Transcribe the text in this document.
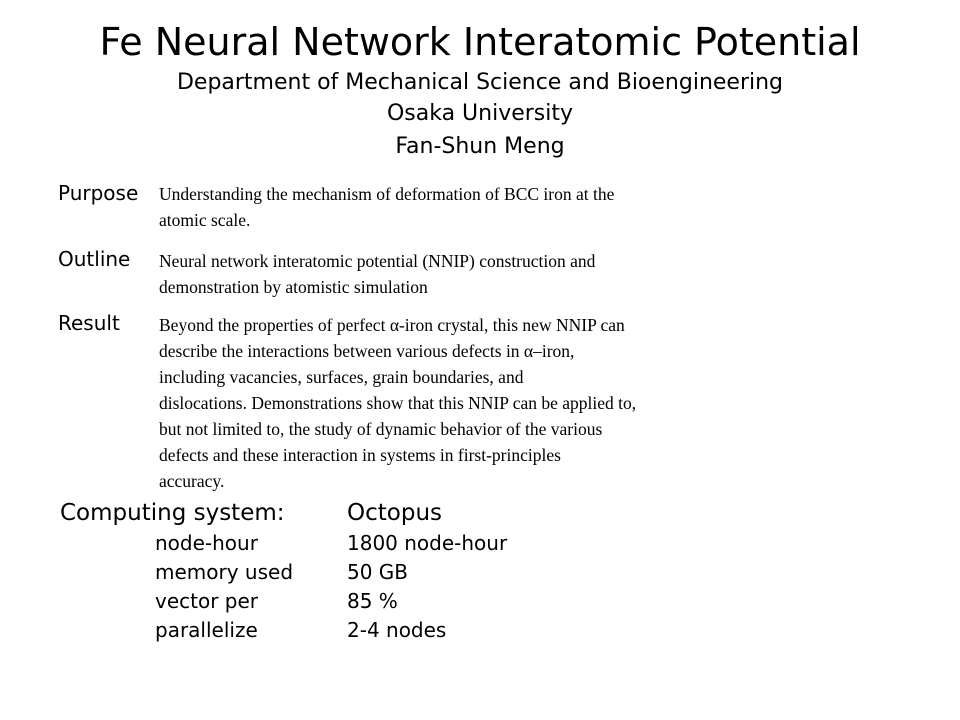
Fe Neural Network Interatomic Potential
Department of Mechanical Science and Bioengineering
Osaka University
Fan-Shun Meng
Purpose Understanding the mechanism of deformation of BCC iron at the
atomic scale.
Outline Neural network interatomic potential (NNIP) construction and
demonstration by atomistic simulation
Result Beyond the properties of perfect α-iron crystal, this new NNIP can
describe the interactions between various defects in α–iron,
including vacancies, surfaces, grain boundaries, and
dislocations. Demonstrations show that this NNIP can be applied to,
but not limited to, the study of dynamic behavior of the various
defects and these interaction in systems in first-principles
accuracy.
Computing system:	Octopus
node-hour	1800 node-hour
memory used	50 GB
vector per	85 %
parallelize	2-4 nodes
